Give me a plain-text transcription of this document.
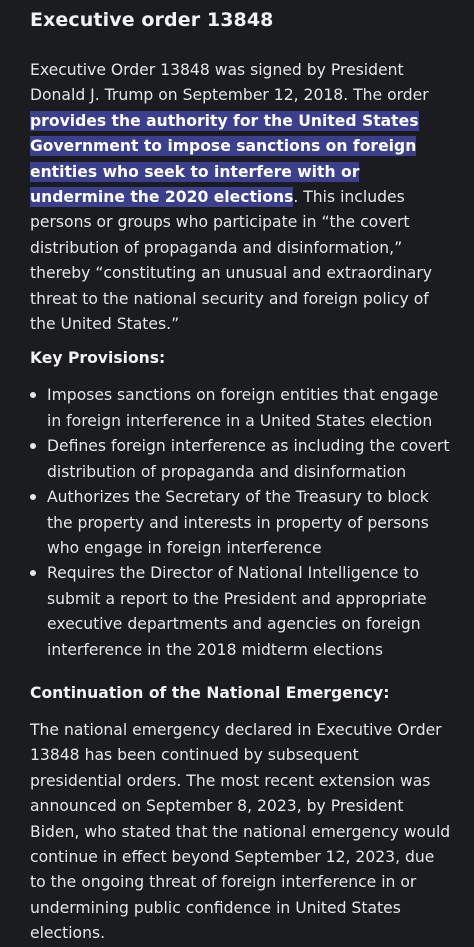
Executive order 13848

Executive Order 13848 was signed by President Donald J. Trump on September 12, 2018. The order provides the authority for the United States Government to impose sanctions on foreign entities who seek to interfere with or undermine the 2020 elections. This includes persons or groups who participate in “the covert distribution of propaganda and disinformation,” thereby “constituting an unusual and extraordinary threat to the national security and foreign policy of the United States.”

Key Provisions:
Imposes sanctions on foreign entities that engage in foreign interference in a United States election
Defines foreign interference as including the covert distribution of propaganda and disinformation
Authorizes the Secretary of the Treasury to block the property and interests in property of persons who engage in foreign interference
Requires the Director of National Intelligence to submit a report to the President and appropriate executive departments and agencies on foreign interference in the 2018 midterm elections
Continuation of the National Emergency:

The national emergency declared in Executive Order 13848 has been continued by subsequent presidential orders. The most recent extension was announced on September 8, 2023, by President Biden, who stated that the national emergency would continue in effect beyond September 12, 2023, due to the ongoing threat of foreign interference in or undermining public confidence in United States elections.
